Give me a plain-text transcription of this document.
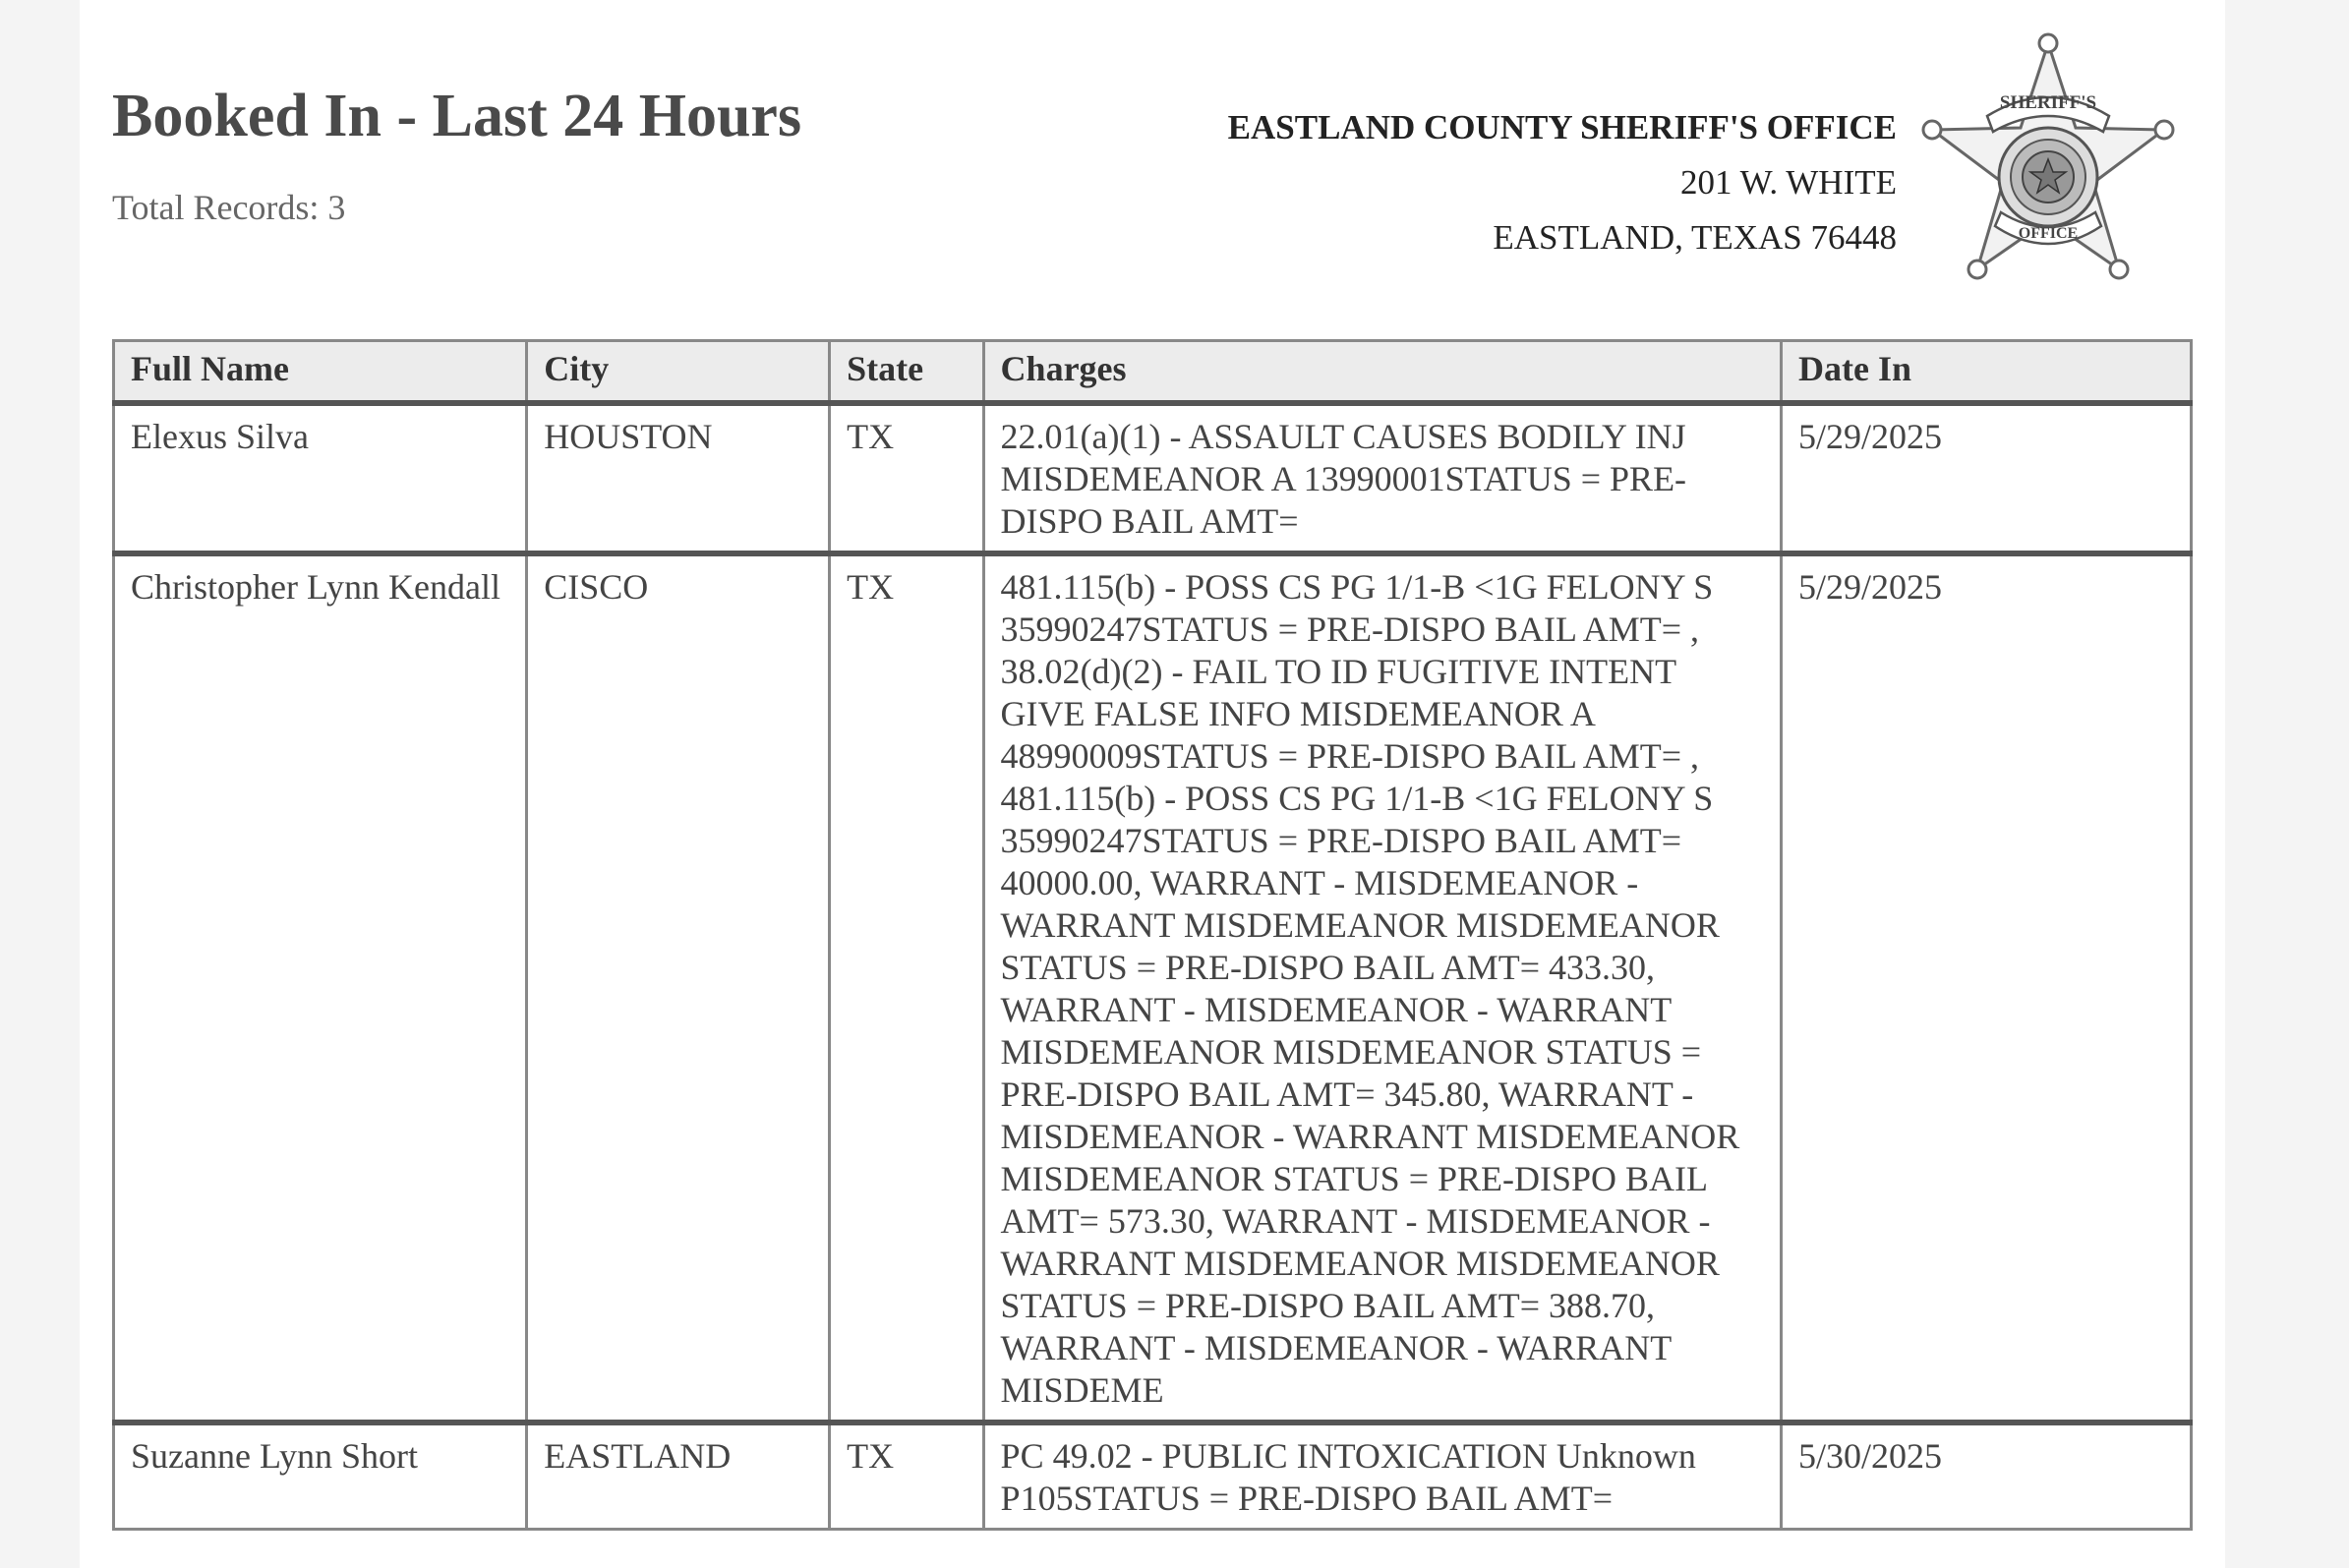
Booked In - Last 24 Hours
Total Records: 3
EASTLAND COUNTY SHERIFF'S OFFICE
201 W. WHITE
EASTLAND, TEXAS 76448
SHERIFF'S
OFFICE
Full Name	City	State	Charges	Date In
Elexus Silva	HOUSTON	TX	22.01(a)(1) - ASSAULT CAUSES BODILY INJ MISDEMEANOR A 13990001STATUS = PRE-DISPO BAIL AMT=	5/29/2025
Christopher Lynn Kendall	CISCO	TX	481.115(b) - POSS CS PG 1/1-B <1G FELONY S 35990247STATUS = PRE-DISPO BAIL AMT= , 38.02(d)(2) - FAIL TO ID FUGITIVE INTENT GIVE FALSE INFO MISDEMEANOR A 48990009STATUS = PRE-DISPO BAIL AMT= , 481.115(b) - POSS CS PG 1/1-B <1G FELONY S 35990247STATUS = PRE-DISPO BAIL AMT= 40000.00, WARRANT - MISDEMEANOR - WARRANT MISDEMEANOR MISDEMEANOR STATUS = PRE-DISPO BAIL AMT= 433.30, WARRANT - MISDEMEANOR - WARRANT MISDEMEANOR MISDEMEANOR STATUS = PRE-DISPO BAIL AMT= 345.80, WARRANT - MISDEMEANOR - WARRANT MISDEMEANOR MISDEMEANOR STATUS = PRE-DISPO BAIL AMT= 573.30, WARRANT - MISDEMEANOR - WARRANT MISDEMEANOR MISDEMEANOR STATUS = PRE-DISPO BAIL AMT= 388.70, WARRANT - MISDEMEANOR - WARRANT MISDEME	5/29/2025
Suzanne Lynn Short	EASTLAND	TX	PC 49.02 - PUBLIC INTOXICATION Unknown P105STATUS = PRE-DISPO BAIL AMT=	5/30/2025
